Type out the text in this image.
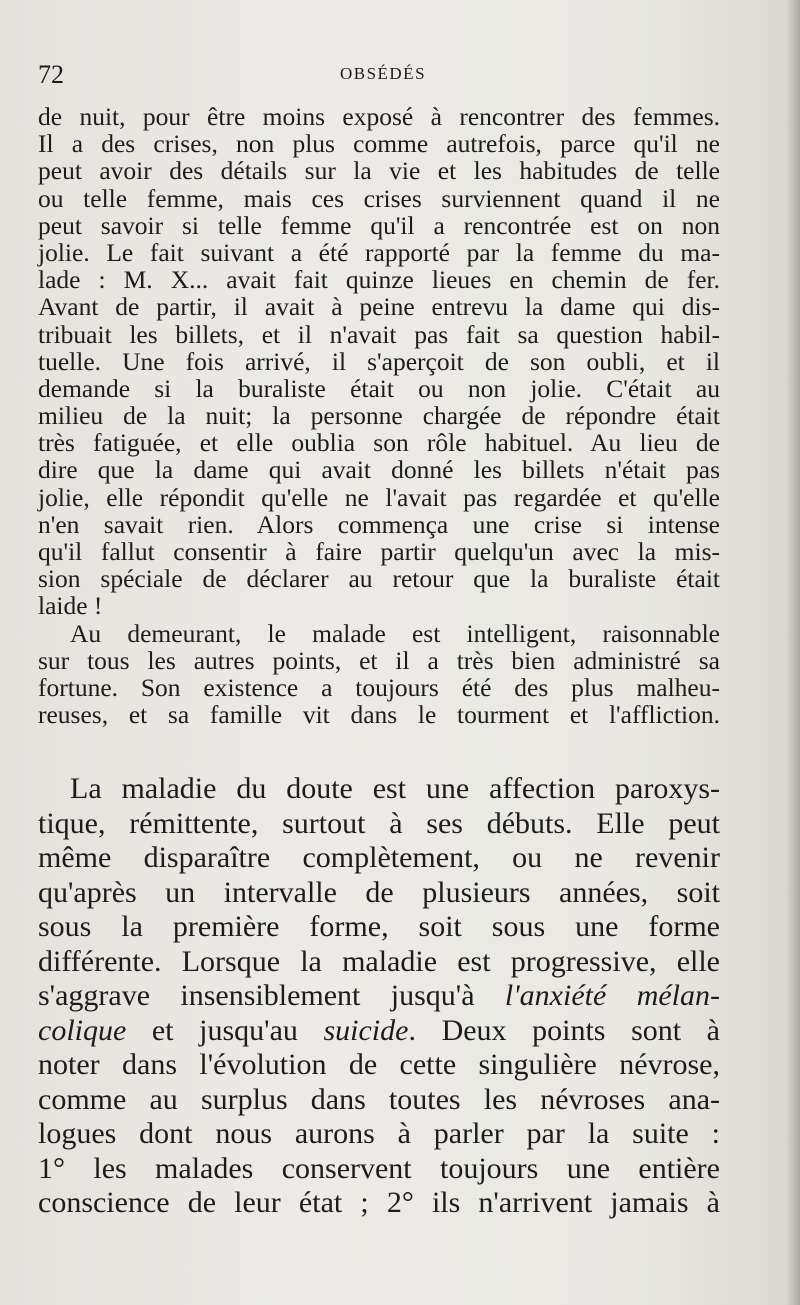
72	OBSÉDÉS
de nuit, pour être moins exposé à rencontrer des femmes.
Il a des crises, non plus comme autrefois, parce qu'il ne
peut avoir des détails sur la vie et les habitudes de telle
ou telle femme, mais ces crises surviennent quand il ne
peut savoir si telle femme qu'il a rencontrée est on non
jolie. Le fait suivant a été rapporté par la femme du ma-
lade : M. X... avait fait quinze lieues en chemin de fer.
Avant de partir, il avait à peine entrevu la dame qui dis-
tribuait les billets, et il n'avait pas fait sa question habil-
tuelle. Une fois arrivé, il s'aperçoit de son oubli, et il
demande si la buraliste était ou non jolie. C'était au
milieu de la nuit; la personne chargée de répondre était
très fatiguée, et elle oublia son rôle habituel. Au lieu de
dire que la dame qui avait donné les billets n'était pas
jolie, elle répondit qu'elle ne l'avait pas regardée et qu'elle
n'en savait rien. Alors commença une crise si intense
qu'il fallut consentir à faire partir quelqu'un avec la mis-
sion spéciale de déclarer au retour que la buraliste était
laide !
Au demeurant, le malade est intelligent, raisonnable
sur tous les autres points, et il a très bien administré sa
fortune. Son existence a toujours été des plus malheu-
reuses, et sa famille vit dans le tourment et l'affliction.
La maladie du doute est une affection paroxys-
tique, rémittente, surtout à ses débuts. Elle peut
même disparaître complètement, ou ne revenir
qu'après un intervalle de plusieurs années, soit
sous la première forme, soit sous une forme
différente. Lorsque la maladie est progressive, elle
s'aggrave insensiblement jusqu'à l'anxiété mélan-
colique et jusqu'au suicide. Deux points sont à
noter dans l'évolution de cette singulière névrose,
comme au surplus dans toutes les névroses ana-
logues dont nous aurons à parler par la suite :
1° les malades conservent toujours une entière
conscience de leur état ; 2° ils n'arrivent jamais à
